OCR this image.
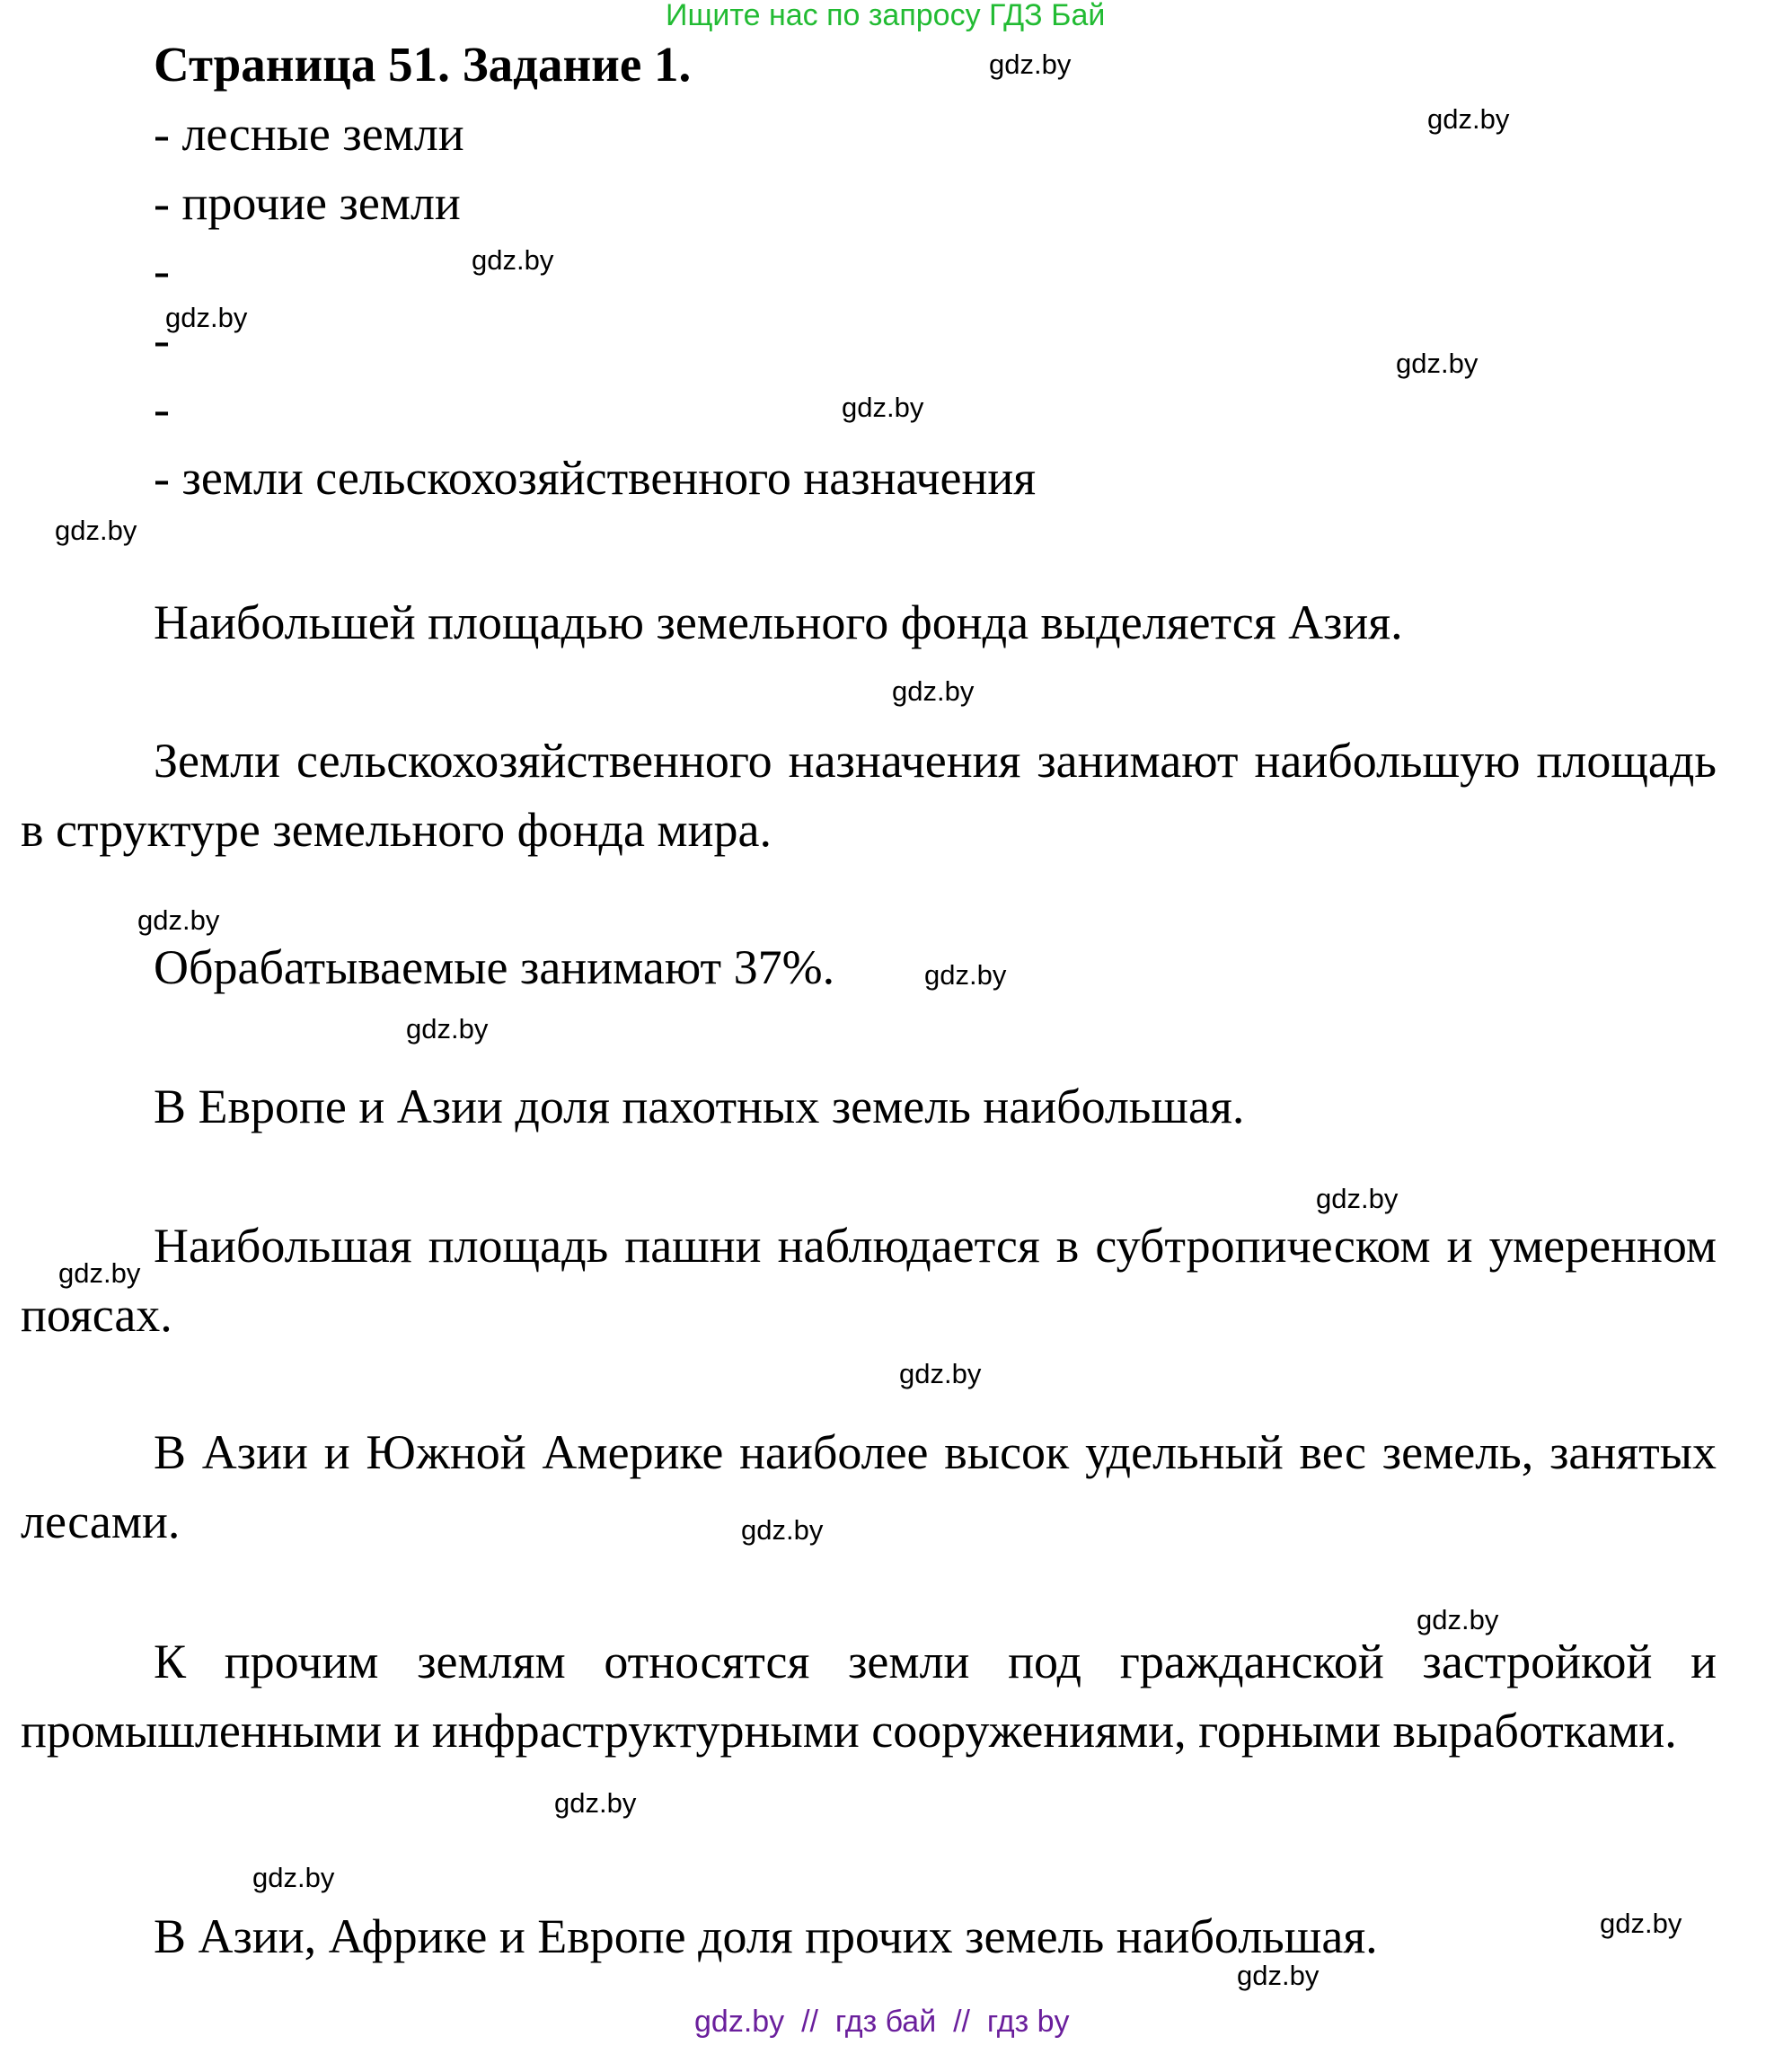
Ищите нас по запросу ГДЗ Бай
Страница 51. Задание 1.
- лесные земли
- прочие земли
-
-
-
- земли сельскохозяйственного назначения
Наибольшей площадью земельного фонда выделяется Азия.
Земли сельскохозяйственного назначения занимают наибольшую площадь в структуре земельного фонда мира.
Обрабатываемые занимают 37%.
В Европе и Азии доля пахотных земель наибольшая.
Наибольшая площадь пашни наблюдается в субтропическом и умеренном поясах.
В Азии и Южной Америке наиболее высок удельный вес земель, занятых лесами.
К прочим землям относятся земли под гражданской застройкой и промышленными и инфраструктурными сооружениями, горными выработками.
В Азии, Африке и Европе доля прочих земель наибольшая.
gdz.by
gdz.by
gdz.by
gdz.by
gdz.by
gdz.by
gdz.by
gdz.by
gdz.by
gdz.by
gdz.by
gdz.by
gdz.by
gdz.by
gdz.by
gdz.by
gdz.by
gdz.by
gdz.by
gdz.by
gdz.by  //  гдз бай  //  гдз by
